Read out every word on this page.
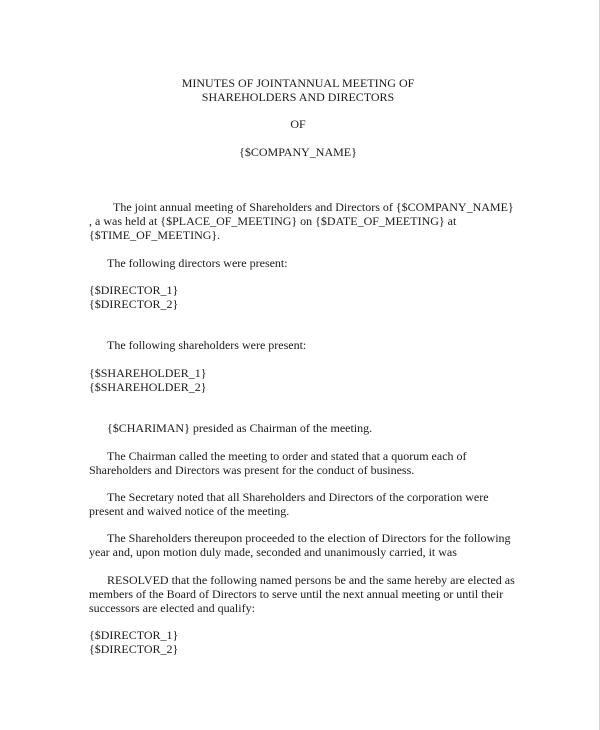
MINUTES OF JOINTANNUAL MEETING OF
SHAREHOLDERS AND DIRECTORS
OF
{$COMPANY_NAME}
The joint annual meeting of Shareholders and Directors of {$COMPANY_NAME}
, a was held at {$PLACE_OF_MEETING} on {$DATE_OF_MEETING} at
{$TIME_OF_MEETING}.
The following directors were present:
{$DIRECTOR_1}
{$DIRECTOR_2}
The following shareholders were present:
{$SHAREHOLDER_1}
{$SHAREHOLDER_2}
{$CHARIMAN} presided as Chairman of the meeting.
The Chairman called the meeting to order and stated that a quorum each of
Shareholders and Directors was present for the conduct of business.
The Secretary noted that all Shareholders and Directors of the corporation were
present and waived notice of the meeting.
The Shareholders thereupon proceeded to the election of Directors for the following
year and, upon motion duly made, seconded and unanimously carried, it was
RESOLVED that the following named persons be and the same hereby are elected as
members of the Board of Directors to serve until the next annual meeting or until their
successors are elected and qualify:
{$DIRECTOR_1}
{$DIRECTOR_2}
